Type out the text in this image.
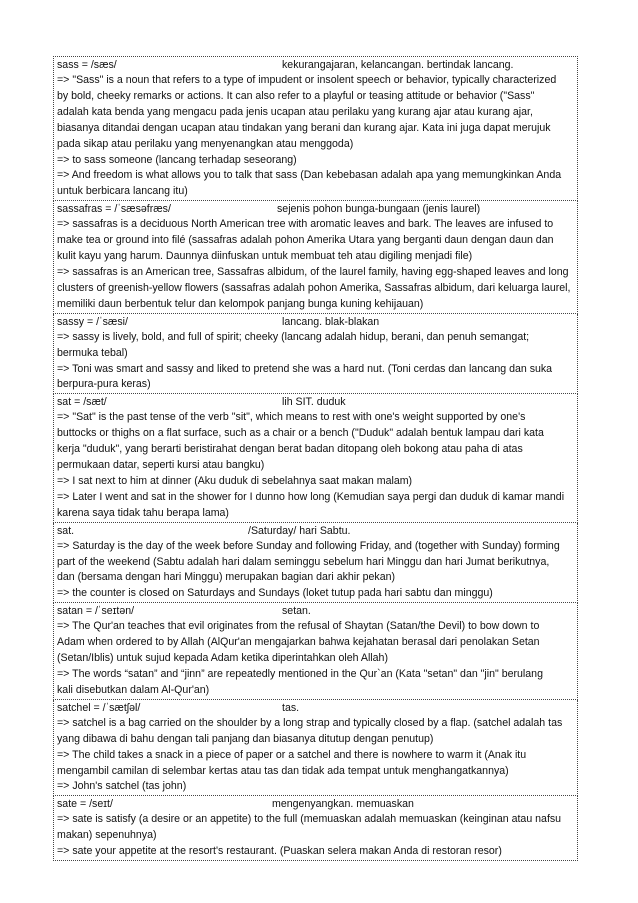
sass = /sæs/	kekurangajaran, kelancangan. bertindak lancang.
=> "Sass" is a noun that refers to a type of impudent or insolent speech or behavior, typically characterized
by bold, cheeky remarks or actions. It can also refer to a playful or teasing attitude or behavior ("Sass"
adalah kata benda yang mengacu pada jenis ucapan atau perilaku yang kurang ajar atau kurang ajar,
biasanya ditandai dengan ucapan atau tindakan yang berani dan kurang ajar. Kata ini juga dapat merujuk
pada sikap atau perilaku yang menyenangkan atau menggoda)
=> to sass someone (lancang terhadap seseorang)
=> And freedom is what allows you to talk that sass (Dan kebebasan adalah apa yang memungkinkan Anda
untuk berbicara lancang itu)
sassafras = /ˈsæsəfræs/	sejenis pohon bunga-bungaan (jenis laurel)
=> sassafras is a deciduous North American tree with aromatic leaves and bark. The leaves are infused to
make tea or ground into filé (sassafras adalah pohon Amerika Utara yang berganti daun dengan daun dan
kulit kayu yang harum. Daunnya diinfuskan untuk membuat teh atau digiling menjadi file)
=> sassafras is an American tree, Sassafras albidum, of the laurel family, having egg-shaped leaves and long
clusters of greenish-yellow flowers (sassafras adalah pohon Amerika, Sassafras albidum, dari keluarga laurel,
memiliki daun berbentuk telur dan kelompok panjang bunga kuning kehijauan)
sassy = /ˈsæsi/	lancang. blak-blakan
=> sassy is lively, bold, and full of spirit; cheeky (lancang adalah hidup, berani, dan penuh semangat;
bermuka tebal)
=> Toni was smart and sassy and liked to pretend she was a hard nut. (Toni cerdas dan lancang dan suka
berpura-pura keras)
sat = /sæt/	lih SIT. duduk
=> "Sat" is the past tense of the verb "sit", which means to rest with one's weight supported by one's
buttocks or thighs on a flat surface, such as a chair or a bench ("Duduk" adalah bentuk lampau dari kata
kerja "duduk", yang berarti beristirahat dengan berat badan ditopang oleh bokong atau paha di atas
permukaan datar, seperti kursi atau bangku)
=> I sat next to him at dinner (Aku duduk di sebelahnya saat makan malam)
=> Later I went and sat in the shower for I dunno how long (Kemudian saya pergi dan duduk di kamar mandi
karena saya tidak tahu berapa lama)
sat.	/Saturday/ hari Sabtu.
=> Saturday is the day of the week before Sunday and following Friday, and (together with Sunday) forming
part of the weekend (Sabtu adalah hari dalam seminggu sebelum hari Minggu dan hari Jumat berikutnya,
dan (bersama dengan hari Minggu) merupakan bagian dari akhir pekan)
=> the counter is closed on Saturdays and Sundays (loket tutup pada hari sabtu dan minggu)
satan = /ˈseɪtən/	setan.
=> The Qur'an teaches that evil originates from the refusal of Shaytan (Satan/the Devil) to bow down to
Adam when ordered to by Allah (AlQur'an mengajarkan bahwa kejahatan berasal dari penolakan Setan
(Setan/Iblis) untuk sujud kepada Adam ketika diperintahkan oleh Allah)
=> The words “satan” and “jinn” are repeatedly mentioned in the Qur`an (Kata "setan" dan "jin" berulang
kali disebutkan dalam Al-Qur'an)
satchel = /ˈsætʃəl/	tas.
=> satchel is a bag carried on the shoulder by a long strap and typically closed by a flap. (satchel adalah tas
yang dibawa di bahu dengan tali panjang dan biasanya ditutup dengan penutup)
=> The child takes a snack in a piece of paper or a satchel and there is nowhere to warm it (Anak itu
mengambil camilan di selembar kertas atau tas dan tidak ada tempat untuk menghangatkannya)
=> John's satchel (tas john)
sate = /seɪt/	mengenyangkan. memuaskan
=> sate is satisfy (a desire or an appetite) to the full (memuaskan adalah memuaskan (keinginan atau nafsu
makan) sepenuhnya)
=> sate your appetite at the resort's restaurant. (Puaskan selera makan Anda di restoran resor)
